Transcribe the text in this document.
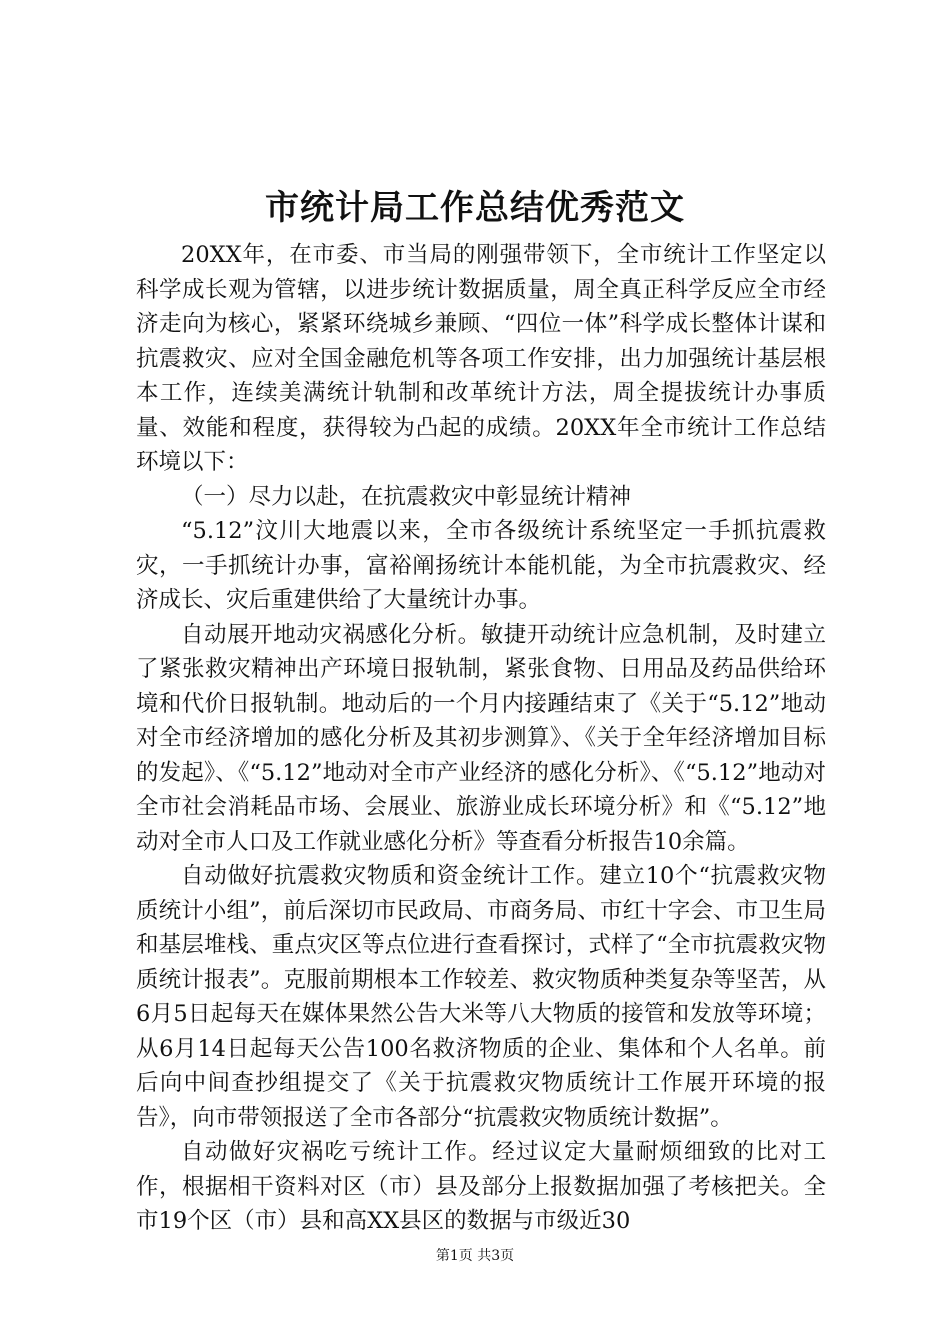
市统计局工作总结优秀范文

20XX年，在市委、市当局的刚强带领下，全市统计工作坚定以科学成长观为管辖，以进步统计数据质量，周全真正科学反应全市经济走向为核心，紧紧环绕城乡兼顾、“四位一体”科学成长整体计谋和抗震救灾、应对全国金融危机等各项工作安排，出力加强统计基层根本工作，连续美满统计轨制和改革统计方法，周全提拔统计办事质量、效能和程度，获得较为凸起的成绩。20XX年全市统计工作总结环境以下：

（一）尽力以赴，在抗震救灾中彰显统计精神

“5.12”汶川大地震以来，全市各级统计系统坚定一手抓抗震救灾，一手抓统计办事，富裕阐扬统计本能机能，为全市抗震救灾、经济成长、灾后重建供给了大量统计办事。

自动展开地动灾祸感化分析。敏捷开动统计应急机制，及时建立了紧张救灾精神出产环境日报轨制，紧张食物、日用品及药品供给环境和代价日报轨制。地动后的一个月内接踵结束了《关于“5.12”地动对全市经济增加的感化分析及其初步测算》、《关于全年经济增加目标的发起》、《“5.12”地动对全市产业经济的感化分析》、《“5.12”地动对全市社会消耗品市场、会展业、旅游业成长环境分析》和《“5.12”地动对全市人口及工作就业感化分析》等查看分析报告10余篇。

自动做好抗震救灾物质和资金统计工作。建立10个“抗震救灾物质统计小组”，前后深切市民政局、市商务局、市红十字会、市卫生局和基层堆栈、重点灾区等点位进行查看探讨，式样了“全市抗震救灾物质统计报表”。克服前期根本工作较差、救灾物质种类复杂等坚苦，从6月5日起每天在媒体果然公告大米等八大物质的接管和发放等环境；从6月14日起每天公告100名救济物质的企业、集体和个人名单。前后向中间查抄组提交了《关于抗震救灾物质统计工作展开环境的报告》，向市带领报送了全市各部分“抗震救灾物质统计数据”。

自动做好灾祸吃亏统计工作。经过议定大量耐烦细致的比对工作，根据相干资料对区（市）县及部分上报数据加强了考核把关。全市19个区（市）县和高XX县区的数据与市级近30

第1页 共3页
